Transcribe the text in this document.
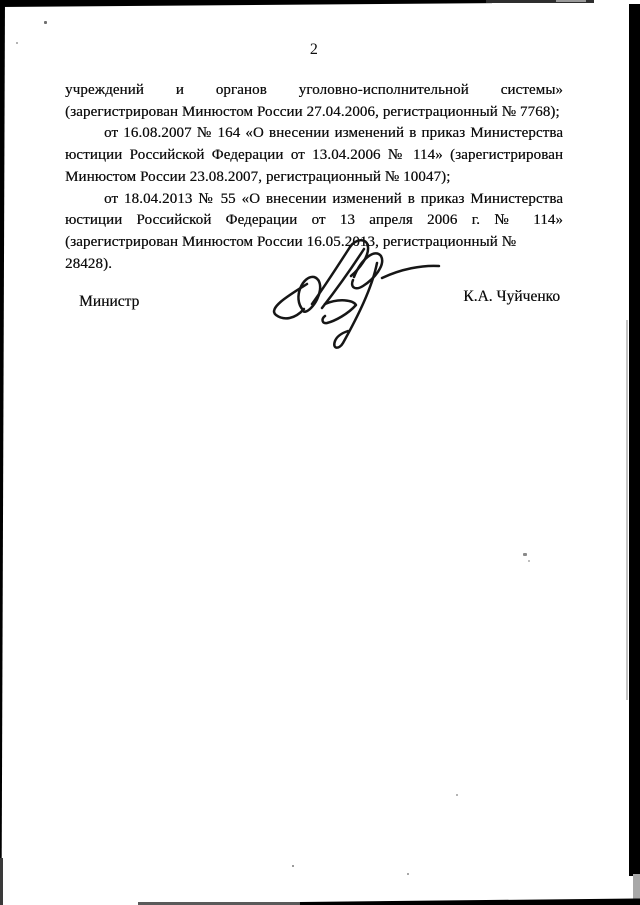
2
учреждений и органов уголовно-исполнительной системы»
(зарегистрирован Минюстом России 27.04.2006, регистрационный № 7768);
от 16.08.2007 № 164 «О внесении изменений в приказ Министерства
юстиции Российской Федерации от 13.04.2006 № 114» (зарегистрирован
Минюстом России 23.08.2007, регистрационный № 10047);
от 18.04.2013 № 55 «О внесении изменений в приказ Министерства
юстиции Российской Федерации от 13 апреля 2006 г. № 114»
(зарегистрирован Минюстом России 16.05.2013, регистрационный № 28428).
Министр	К.А. Чуйченко
